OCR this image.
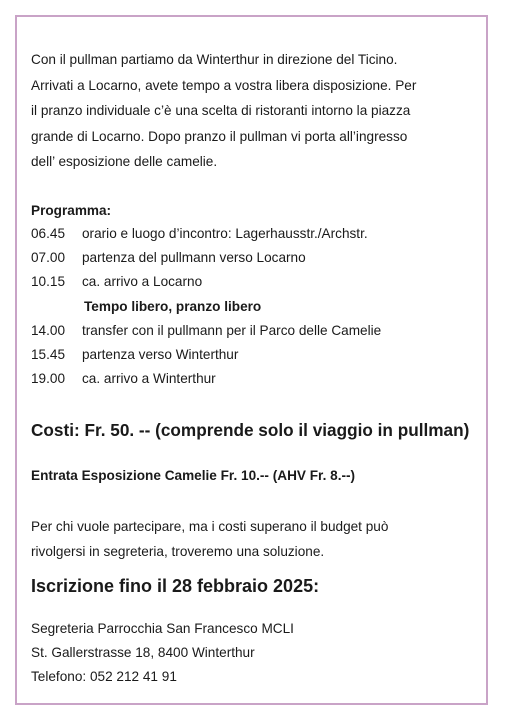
Con il pullman partiamo da Winterthur in direzione del Ticino.
Arrivati a Locarno, avete tempo a vostra libera disposizione. Per
il pranzo individuale c’è una scelta di ristoranti intorno la piazza
grande di Locarno. Dopo pranzo il pullman vi porta all’ingresso
dell’ esposizione delle camelie.
Programma:
06.45 orario e luogo d’incontro: Lagerhausstr./Archstr.
07.00 partenza del pullmann verso Locarno
10.15 ca. arrivo a Locarno
Tempo libero, pranzo libero
14.00 transfer con il pullmann per il Parco delle Camelie
15.45 partenza verso Winterthur
19.00 ca. arrivo a Winterthur
Costi: Fr. 50. -- (comprende solo il viaggio in pullman)
Entrata Esposizione Camelie Fr. 10.-- (AHV Fr. 8.--)
Per chi vuole partecipare, ma i costi superano il budget può
rivolgersi in segreteria, troveremo una soluzione.
Iscrizione fino il 28 febbraio 2025:
Segreteria Parrocchia San Francesco MCLI
St. Gallerstrasse 18, 8400 Winterthur
Telefono: 052 212 41 91
